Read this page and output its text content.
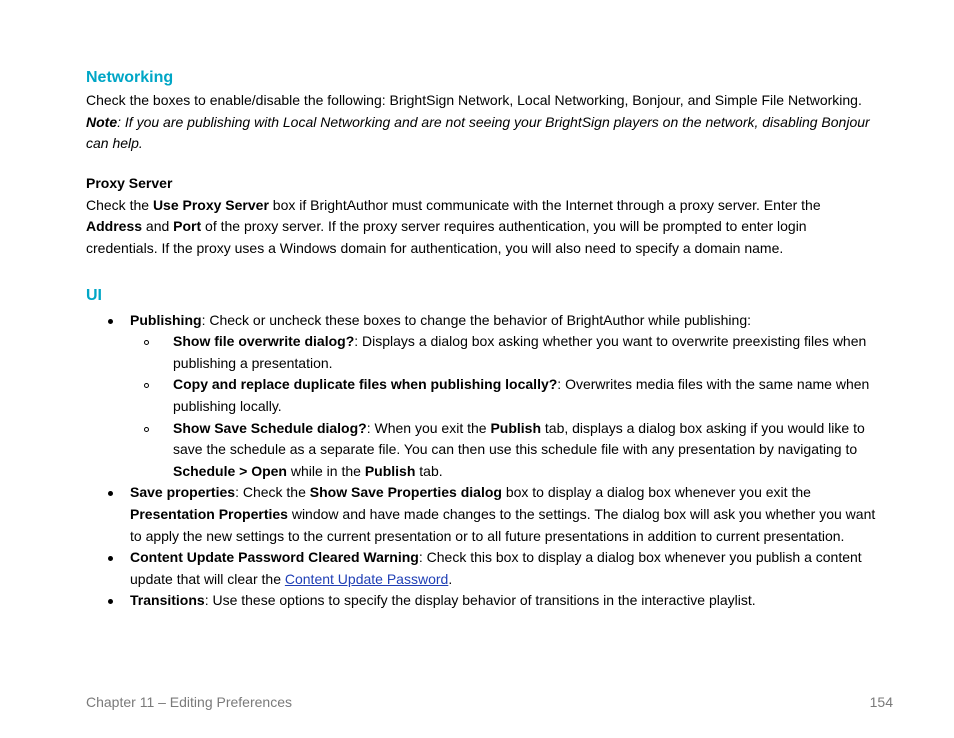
Networking

Check the boxes to enable/disable the following: BrightSign Network, Local Networking, Bonjour, and Simple File Networking.

Note: If you are publishing with Local Networking and are not seeing your BrightSign players on the network, disabling Bonjour can help.

Proxy Server

Check the Use Proxy Server box if BrightAuthor must communicate with the Internet through a proxy server. Enter the Address and Port of the proxy server. If the proxy server requires authentication, you will be prompted to enter login credentials. If the proxy uses a Windows domain for authentication, you will also need to specify a domain name.

UI
Publishing: Check or uncheck these boxes to change the behavior of BrightAuthor while publishing:
Show file overwrite dialog?: Displays a dialog box asking whether you want to overwrite preexisting files when publishing a presentation.
Copy and replace duplicate files when publishing locally?: Overwrites media files with the same name when publishing locally.
Show Save Schedule dialog?: When you exit the Publish tab, displays a dialog box asking if you would like to save the schedule as a separate file. You can then use this schedule file with any presentation by navigating to Schedule > Open while in the Publish tab.
Save properties: Check the Show Save Properties dialog box to display a dialog box whenever you exit the Presentation Properties window and have made changes to the settings. The dialog box will ask you whether you want to apply the new settings to the current presentation or to all future presentations in addition to current presentation.
Content Update Password Cleared Warning: Check this box to display a dialog box whenever you publish a content update that will clear the Content Update Password.
Transitions: Use these options to specify the display behavior of transitions in the interactive playlist.
Chapter 11 – Editing Preferences	154
